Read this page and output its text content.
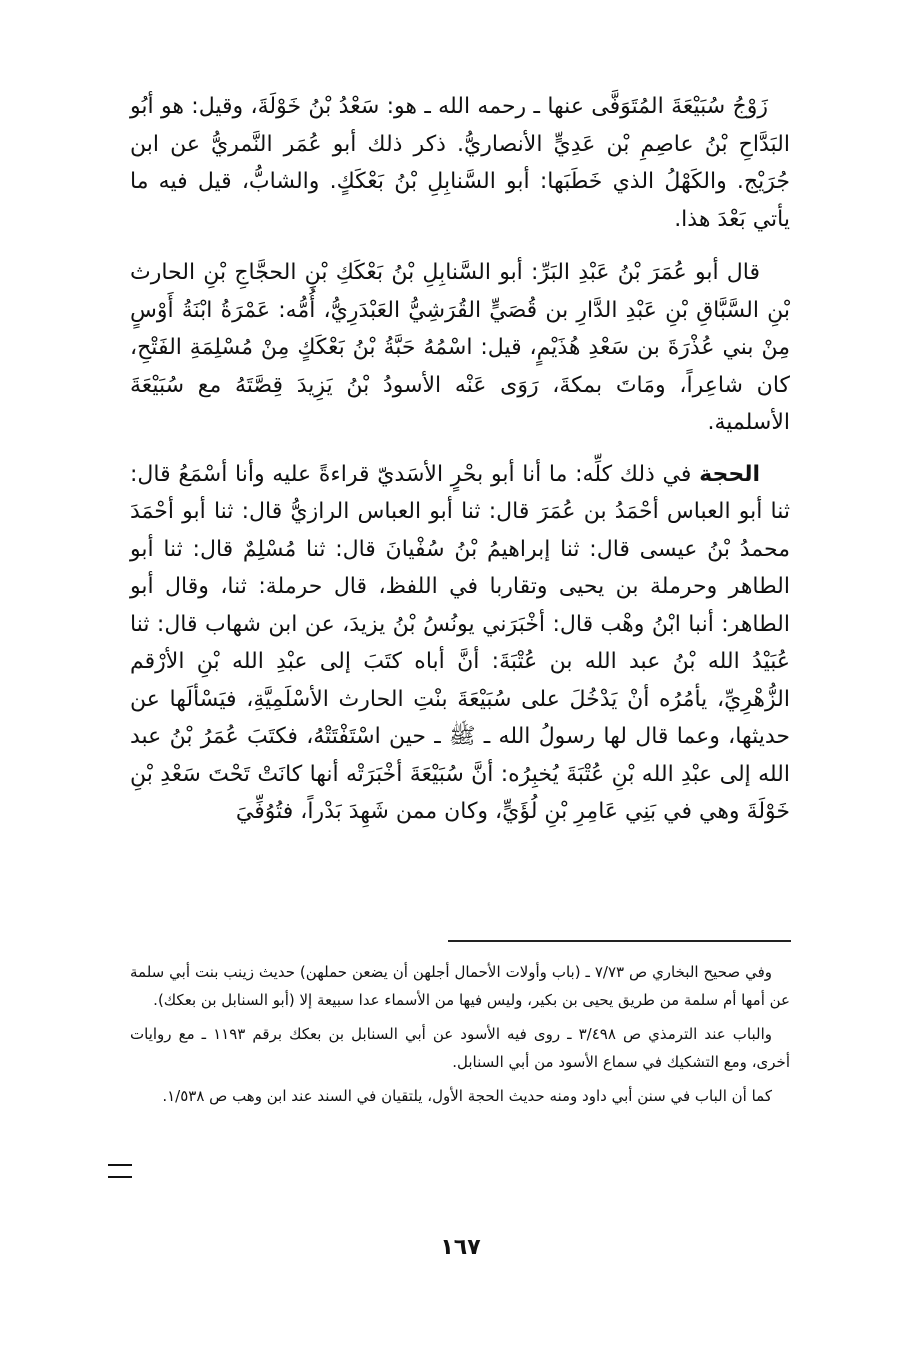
زَوْجُ سُبَيْعَةَ المُتَوَفَّى عنها ـ رحمه الله ـ هو: سَعْدُ بْنُ خَوْلَةَ، وقيل: هو أبُو البَدَّاحِ بْنُ عاصِمِ بْن عَدِيٍّ الأنصاريُّ. ذكر ذلك أبو عُمَر النَّمريُّ عن ابن جُرَيْج. والكَهْلُ الذي خَطَبَها: أبو السَّنابِلِ بْنُ بَعْكَكٍ. والشابُّ، قيل فيه ما يأتي بَعْدَ هذا.

قال أبو عُمَرَ بْنُ عَبْدِ البَرِّ: أبو السَّنابِلِ بْنُ بَعْكَكِ بْنِ الحجَّاجِ بْنِ الحارث بْنِ السَّبَّاقِ بْنِ عَبْدِ الدَّارِ بن قُصَيٍّ القُرَشِيُّ العَبْدَرِيُّ، أُمُّه: عَمْرَةُ ابْنَةُ أَوْسٍ مِنْ بني عُذْرَةَ بن سَعْدِ هُذَيْمٍ، قيل: اسْمُهُ حَبَّةُ بْنُ بَعْكَكٍ مِنْ مُسْلِمَةِ الفَتْحِ، كان شاعِراً، ومَاتَ بمكةَ، رَوَى عَنْه الأسودُ بْنُ يَزِيدَ قِصَّتَهُ مع سُبَيْعَةَ الأسلمية.

الحجة في ذلك كلِّه: ما أنا أبو بحْرٍ الأسَديّ قراءةً عليه وأنا أسْمَعُ قال: ثنا أبو العباس أحْمَدُ بن عُمَرَ قال: ثنا أبو العباس الرازيُّ قال: ثنا أبو أحْمَدَ محمدُ بْنُ عيسى قال: ثنا إبراهيمُ بْنُ سُفْيانَ قال: ثنا مُسْلِمٌ قال: ثنا أبو الطاهر وحرملة بن يحيى وتقاربا في اللفظ، قال حرملة: ثنا، وقال أبو الطاهر: أنبا ابْنُ وهْب قال: أخْبَرَني يونُسُ بْنُ يزيدَ، عن ابن شهاب قال: ثنا عُبَيْدُ الله بْنُ عبد الله بن عُتْبَةَ: أنَّ أباه كتَبَ إلى عبْدِ الله بْنِ الأرْقم الزُّهْرِيِّ، يأمُرُه أنْ يَدْخُلَ على سُبَيْعَةَ بنْتِ الحارث الأسْلَمِيَّةِ، فيَسْألَها عن حديثها، وعما قال لها رسولُ الله ـ ﷺ ـ حين اسْتَفْتَتْهُ، فكتَبَ عُمَرُ بْنُ عبد الله إلى عبْدِ الله بْنِ عُتْبَةَ يُخبِرُه: أنَّ سُبَيْعَةَ أخْبَرَتْه أنها كانَتْ تَحْتَ سَعْدِ بْنِ خَوْلَةَ وهي في بَنِي عَامِرِ بْنِ لُؤَيٍّ، وكان ممن شَهِدَ بَدْراً، فتُوُفِّيَ

وفي صحيح البخاري ص ٧/٧٣ ـ (باب وأولات الأحمال أجلهن أن يضعن حملهن) حديث زينب بنت أبي سلمة عن أمها أم سلمة من طريق يحيى بن بكير، وليس فيها من الأسماء عدا سبيعة إلا (أبو السنابل بن بعكك).

والباب عند الترمذي ص ٣/٤٩٨ ـ روى فيه الأسود عن أبي السنابل بن بعكك برقم ١١٩٣ ـ مع روايات أخرى، ومع التشكيك في سماع الأسود من أبي السنابل.

كما أن الباب في سنن أبي داود ومنه حديث الحجة الأول، يلتقيان في السند عند ابن وهب ص ١/٥٣٨.

١٦٧
